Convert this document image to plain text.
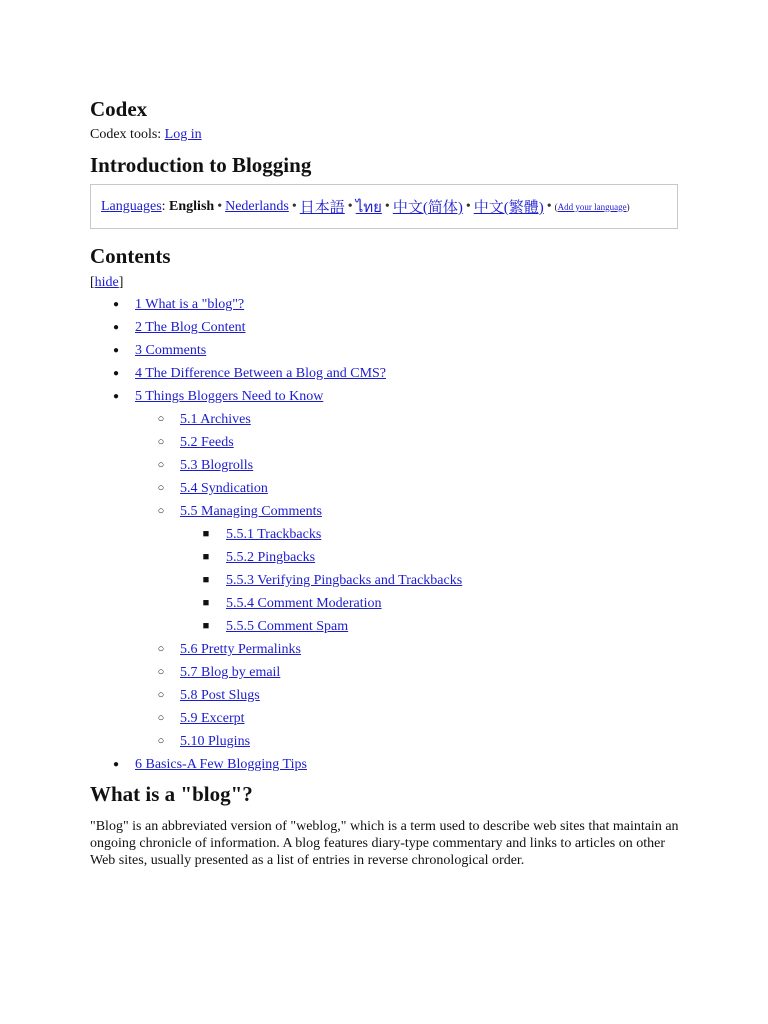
Codex
Codex tools: Log in
Introduction to Blogging
Languages :
English • Nederlands • 日本語 • ไทย • 中文(简体) • 中文(繁體) • ( Add your language )
Contents
[hide]
● 1 What is a "blog"?
● 2 The Blog Content
● 3 Comments
● 4 The Difference Between a Blog and CMS?
● 5 Things Bloggers Need to Know
○ 5.1 Archives
○ 5.2 Feeds
○ 5.3 Blogrolls
○ 5.4 Syndication
○ 5.5 Managing Comments
■ 5.5.1 Trackbacks
■ 5.5.2 Pingbacks
■ 5.5.3 Verifying Pingbacks and Trackbacks
■ 5.5.4 Comment Moderation
■ 5.5.5 Comment Spam
○ 5.6 Pretty Permalinks
○ 5.7 Blog by email
○ 5.8 Post Slugs
○ 5.9 Excerpt
○ 5.10 Plugins
● 6 Basics-A Few Blogging Tips
What is a "blog"?

"Blog" is an abbreviated version of "weblog," which is a term used to describe web sites that maintain an ongoing chronicle of information. A blog features diary-type commentary and links to articles on other Web sites, usually presented as a list of entries in reverse chronological order.
